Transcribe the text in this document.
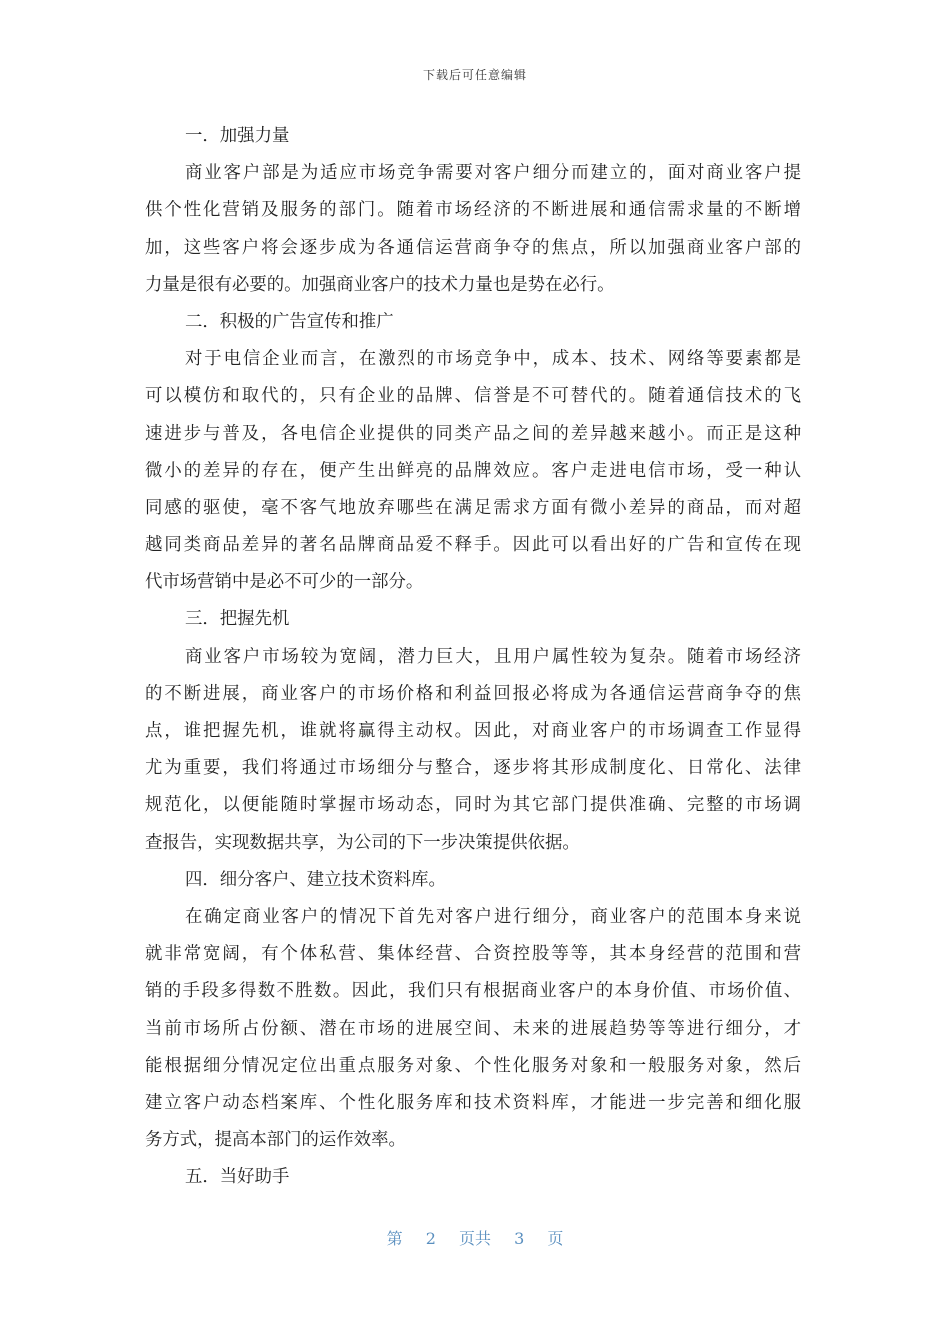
下载后可任意编辑
一．加强力量
商业客户部是为适应市场竞争需要对客户细分而建立的，面对商业客户提
供个性化营销及服务的部门。随着市场经济的不断进展和通信需求量的不断增
加，这些客户将会逐步成为各通信运营商争夺的焦点，所以加强商业客户部的
力量是很有必要的。加强商业客户的技术力量也是势在必行。
二．积极的广告宣传和推广
对于电信企业而言，在激烈的市场竞争中，成本、技术、网络等要素都是
可以模仿和取代的，只有企业的品牌、信誉是不可替代的。随着通信技术的飞
速进步与普及，各电信企业提供的同类产品之间的差异越来越小。而正是这种
微小的差异的存在，便产生出鲜亮的品牌效应。客户走进电信市场，受一种认
同感的驱使，毫不客气地放弃哪些在满足需求方面有微小差异的商品，而对超
越同类商品差异的著名品牌商品爱不释手。因此可以看出好的广告和宣传在现
代市场营销中是必不可少的一部分。
三．把握先机
商业客户市场较为宽阔，潜力巨大，且用户属性较为复杂。随着市场经济
的不断进展，商业客户的市场价格和利益回报必将成为各通信运营商争夺的焦
点，谁把握先机，谁就将赢得主动权。因此，对商业客户的市场调查工作显得
尤为重要，我们将通过市场细分与整合，逐步将其形成制度化、日常化、法律
规范化，以便能随时掌握市场动态，同时为其它部门提供准确、完整的市场调
查报告，实现数据共享，为公司的下一步决策提供依据。
四．细分客户、建立技术资料库。
在确定商业客户的情况下首先对客户进行细分，商业客户的范围本身来说
就非常宽阔，有个体私营、集体经营、合资控股等等，其本身经营的范围和营
销的手段多得数不胜数。因此，我们只有根据商业客户的本身价值、市场价值、
当前市场所占份额、潜在市场的进展空间、未来的进展趋势等等进行细分，才
能根据细分情况定位出重点服务对象、个性化服务对象和一般服务对象，然后
建立客户动态档案库、个性化服务库和技术资料库，才能进一步完善和细化服
务方式，提高本部门的运作效率。
五．当好助手
第 2 页共 3 页
